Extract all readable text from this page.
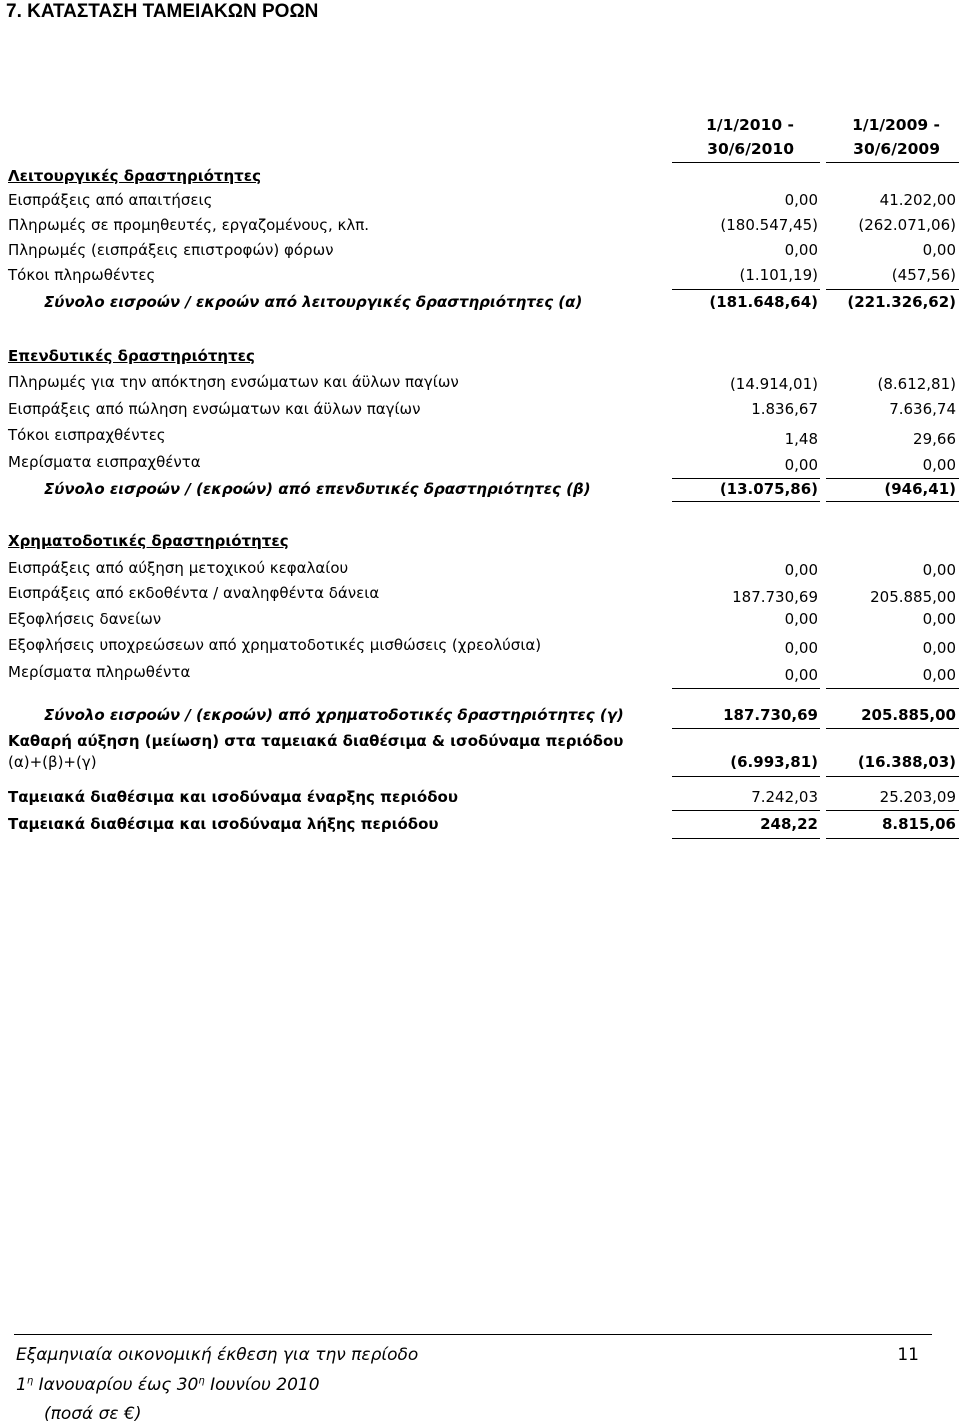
7. ΚΑΤΑΣΤΑΣΗ ΤΑΜΕΙΑΚΩΝ ΡΟΩΝ
1/1/2010 -
30/6/2010
1/1/2009 -
30/6/2009
Λειτουργικές δραστηριότητες
Εισπράξεις από απαιτήσεις	0,00	41.202,00
Πληρωμές σε προμηθευτές, εργαζομένους, κλπ.	(180.547,45)	(262.071,06)
Πληρωμές (εισπράξεις επιστροφών) φόρων	0,00	0,00
Τόκοι πληρωθέντες	(1.101,19)	(457,56)
Σύνολο εισροών / εκροών από λειτουργικές δραστηριότητες (α)	(181.648,64) (221.326,62)
Επενδυτικές δραστηριότητες
Πληρωμές για την απόκτηση ενσώματων και άϋλων παγίων	(14.914,01)	(8.612,81)
Εισπράξεις από πώληση ενσώματων και άϋλων παγίων	1.836,67	7.636,74
Τόκοι εισπραχθέντες	1,48	29,66
Μερίσματα εισπραχθέντα	0,00	0,00
Σύνολο εισροών / (εκροών) από επενδυτικές δραστηριότητες (β)	(13.075,86)	(946,41)
Χρηματοδοτικές δραστηριότητες
Εισπράξεις από αύξηση μετοχικού κεφαλαίου	0,00	0,00
Εισπράξεις από εκδοθέντα / αναληφθέντα δάνεια	187.730,69	205.885,00
Εξοφλήσεις δανείων	0,00	0,00
Εξοφλήσεις υποχρεώσεων από χρηματοδοτικές μισθώσεις (χρεολύσια)	0,00	0,00
Μερίσματα πληρωθέντα	0,00	0,00
Σύνολο εισροών / (εκροών) από χρηματοδοτικές δραστηριότητες (γ)	187.730,69	205.885,00
Καθαρή αύξηση (μείωση) στα ταμειακά διαθέσιμα & ισοδύναμα περιόδου
(α)+(β)+(γ)	(6.993,81)	(16.388,03)
Ταμειακά διαθέσιμα και ισοδύναμα έναρξης περιόδου	7.242,03	25.203,09
Ταμειακά διαθέσιμα και ισοδύναμα λήξης περιόδου	248,22	8.815,06
Εξαμηνιαία οικονομική έκθεση για την περίοδο	11
$1^\eta$ Ιανουαρίου έως $30^\eta$ Ιουνίου 2010
(ποσά σε €)
